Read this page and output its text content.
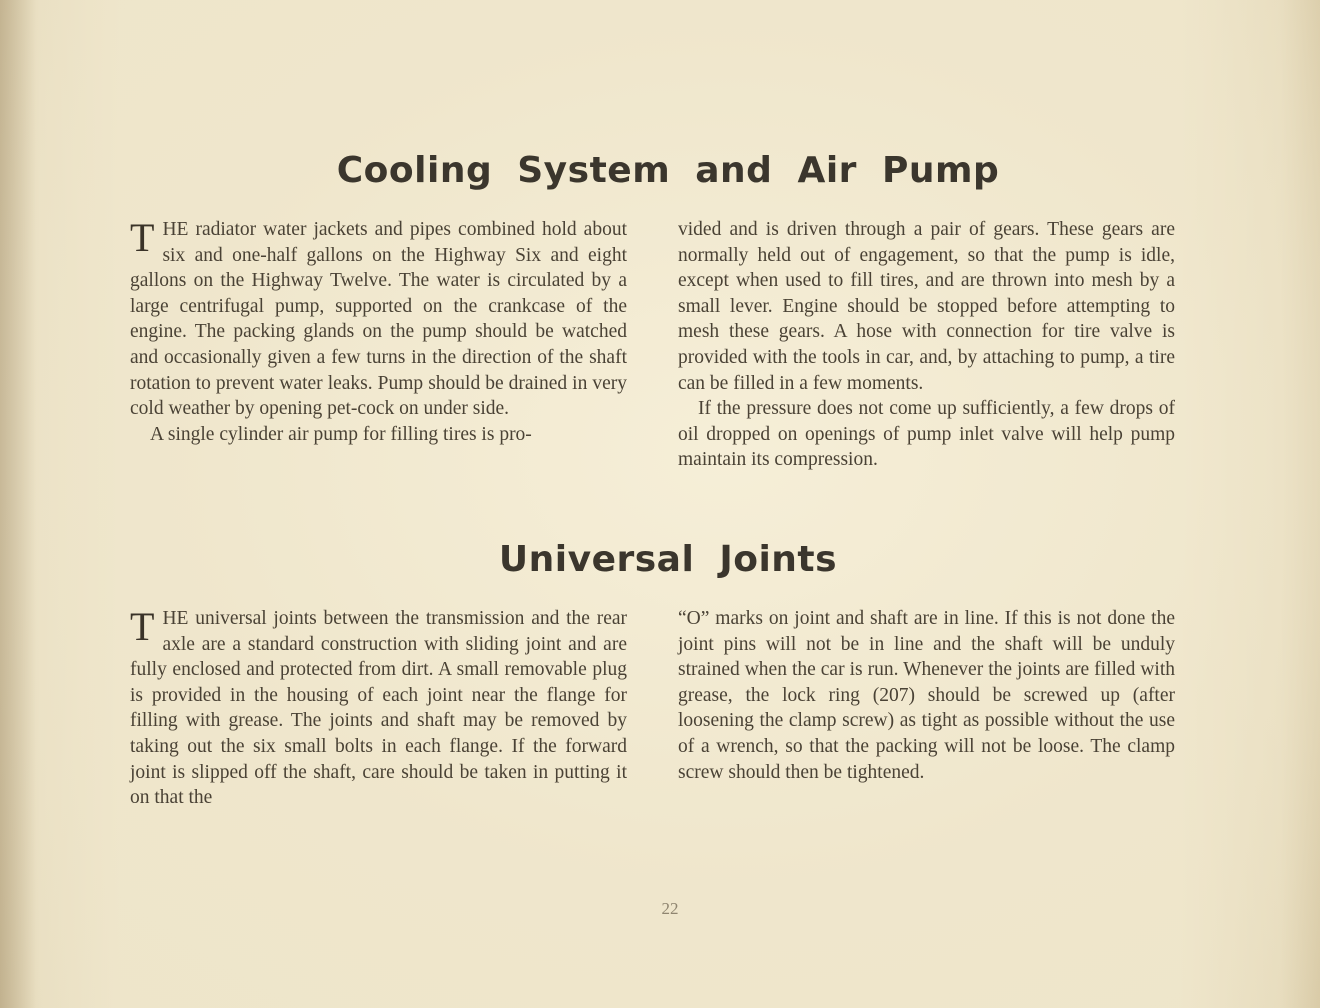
Cooling System and Air Pump

THE radiator water jackets and pipes combined hold about six and one-half gallons on the Highway Six and eight gallons on the Highway Twelve. The water is circulated by a large centrifugal pump, supported on the crankcase of the engine. The packing glands on the pump should be watched and occasionally given a few turns in the direction of the shaft rotation to prevent water leaks. Pump should be drained in very cold weather by opening pet-cock on under side.

A single cylinder air pump for filling tires is pro-

vided and is driven through a pair of gears. These gears are normally held out of engagement, so that the pump is idle, except when used to fill tires, and are thrown into mesh by a small lever. Engine should be stopped before attempting to mesh these gears. A hose with connection for tire valve is provided with the tools in car, and, by attaching to pump, a tire can be filled in a few moments.

If the pressure does not come up sufficiently, a few drops of oil dropped on openings of pump inlet valve will help pump maintain its compression.

Universal Joints

THE universal joints between the transmission and the rear axle are a standard construction with sliding joint and are fully enclosed and protected from dirt. A small removable plug is provided in the housing of each joint near the flange for filling with grease. The joints and shaft may be removed by taking out the six small bolts in each flange. If the forward joint is slipped off the shaft, care should be taken in putting it on that the

“O” marks on joint and shaft are in line. If this is not done the joint pins will not be in line and the shaft will be unduly strained when the car is run. Whenever the joints are filled with grease, the lock ring (207) should be screwed up (after loosening the clamp screw) as tight as possible without the use of a wrench, so that the packing will not be loose. The clamp screw should then be tightened.

22
